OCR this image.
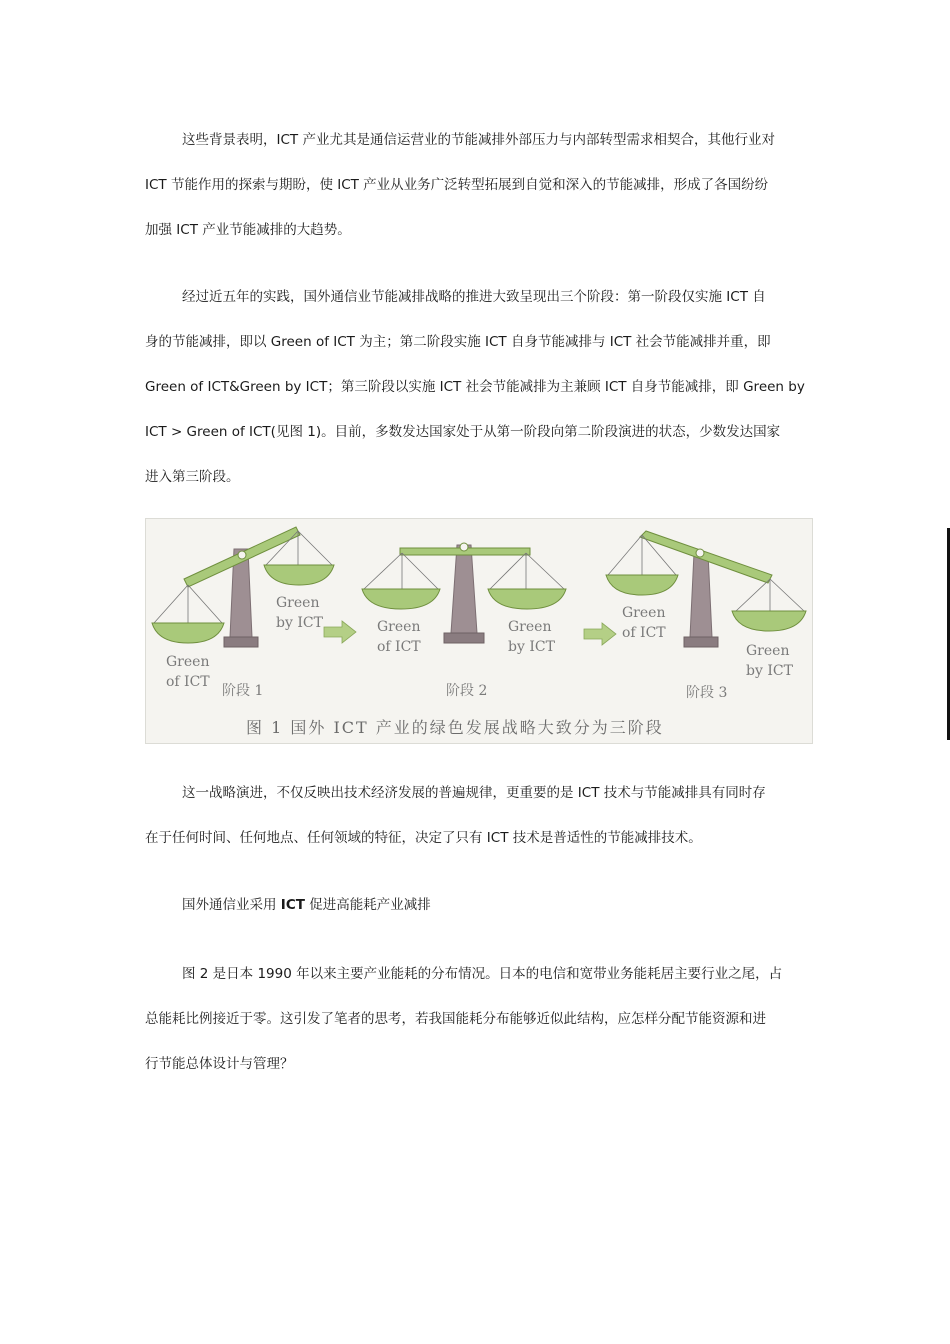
这些背景表明，ICT 产业尤其是通信运营业的节能减排外部压力与内部转型需求相契合，其他行业对
ICT 节能作用的探索与期盼，使 ICT 产业从业务广泛转型拓展到自觉和深入的节能减排，形成了各国纷纷
加强 ICT 产业节能减排的大趋势。
经过近五年的实践，国外通信业节能减排战略的推进大致呈现出三个阶段：第一阶段仅实施 ICT 自
身的节能减排，即以 Green of ICT 为主；第二阶段实施 ICT 自身节能减排与 ICT 社会节能减排并重，即
Green of ICT&Green by ICT；第三阶段以实施 ICT 社会节能减排为主兼顾 ICT 自身节能减排，即 Green by
ICT > Green of ICT(见图 1)。目前，多数发达国家处于从第一阶段向第二阶段演进的状态，少数发达国家
进入第三阶段。
Green
of ICT
Green
by ICT
阶段 1
Green
of ICT
Green
by ICT
阶段 2
Green
of ICT
Green
by ICT
阶段 3
图 1 国外 ICT 产业的绿色发展战略大致分为三阶段
这一战略演进，不仅反映出技术经济发展的普遍规律，更重要的是 ICT 技术与节能减排具有同时存
在于任何时间、任何地点、任何领域的特征，决定了只有 ICT 技术是普适性的节能减排技术。
国外通信业采用 ICT 促进高能耗产业减排
图 2 是日本 1990 年以来主要产业能耗的分布情况。日本的电信和宽带业务能耗居主要行业之尾，占
总能耗比例接近于零。这引发了笔者的思考，若我国能耗分布能够近似此结构，应怎样分配节能资源和进
行节能总体设计与管理？
